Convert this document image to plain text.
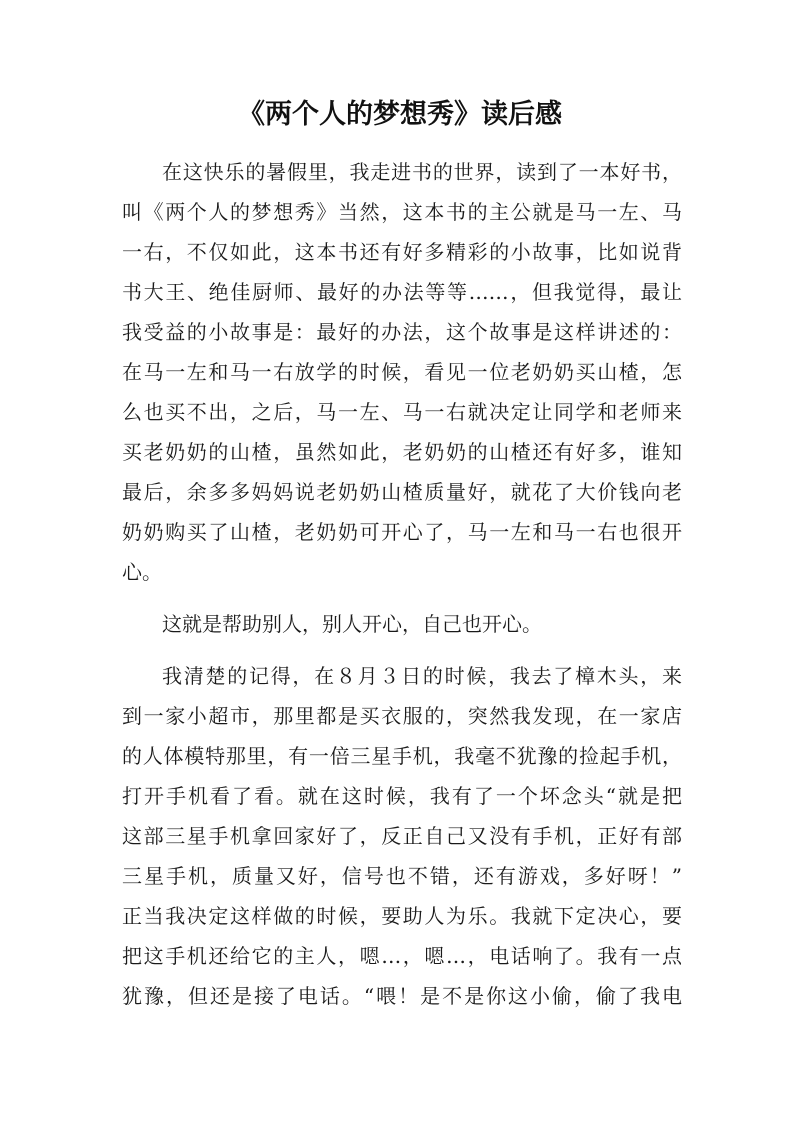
《两个人的梦想秀》读后感
在这快乐的暑假里，我走进书的世界，读到了一本好书，
叫《两个人的梦想秀》当然，这本书的主公就是马一左、马
一右，不仅如此，这本书还有好多精彩的小故事，比如说背
书大王、绝佳厨师、最好的办法等等……，但我觉得，最让
我受益的小故事是：最好的办法，这个故事是这样讲述的：
在马一左和马一右放学的时候，看见一位老奶奶买山楂，怎
么也买不出，之后，马一左、马一右就决定让同学和老师来
买老奶奶的山楂，虽然如此，老奶奶的山楂还有好多，谁知
最后，余多多妈妈说老奶奶山楂质量好，就花了大价钱向老
奶奶购买了山楂，老奶奶可开心了，马一左和马一右也很开
心。
这就是帮助别人，别人开心，自己也开心。
我清楚的记得，在８月３日的时候，我去了樟木头，来
到一家小超市，那里都是买衣服的，突然我发现，在一家店
的人体模特那里，有一倍三星手机，我毫不犹豫的捡起手机，
打开手机看了看。就在这时候，我有了一个坏念头“就是把
这部三星手机拿回家好了，反正自己又没有手机，正好有部
三星手机，质量又好，信号也不错，还有游戏，多好呀！”
正当我决定这样做的时候，要助人为乐。我就下定决心，要
把这手机还给它的主人，嗯…，嗯…，电话响了。我有一点
犹豫，但还是接了电话。“喂！是不是你这小偷，偷了我电
